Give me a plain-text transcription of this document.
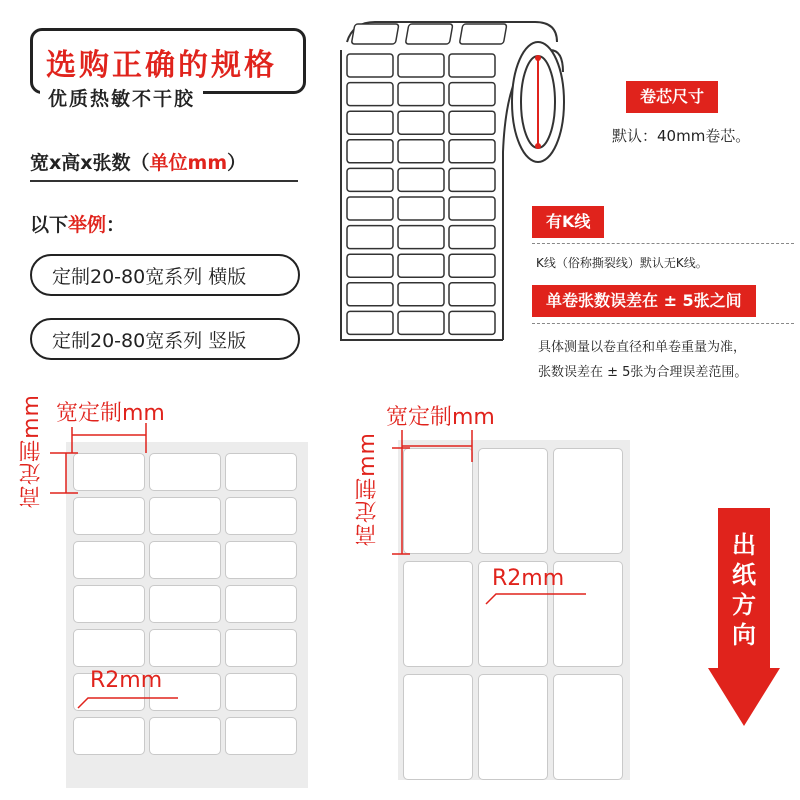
选购正确的规格
优质热敏不干胶
宽x高x张数（单位mm）
以下举例：
定制20-80宽系列 横版
定制20-80宽系列 竖版
卷芯尺寸
默认：40mm卷芯。
有K线
K线（俗称撕裂线）默认无K线。
单卷张数误差在 ± 5张之间
具体测量以卷直径和单卷重量为准，
张数误差在 ± 5张为合理误差范围。
宽定制mm
高定制mm
R2mm
宽定制mm
高定制mm
R2mm
出纸方向
